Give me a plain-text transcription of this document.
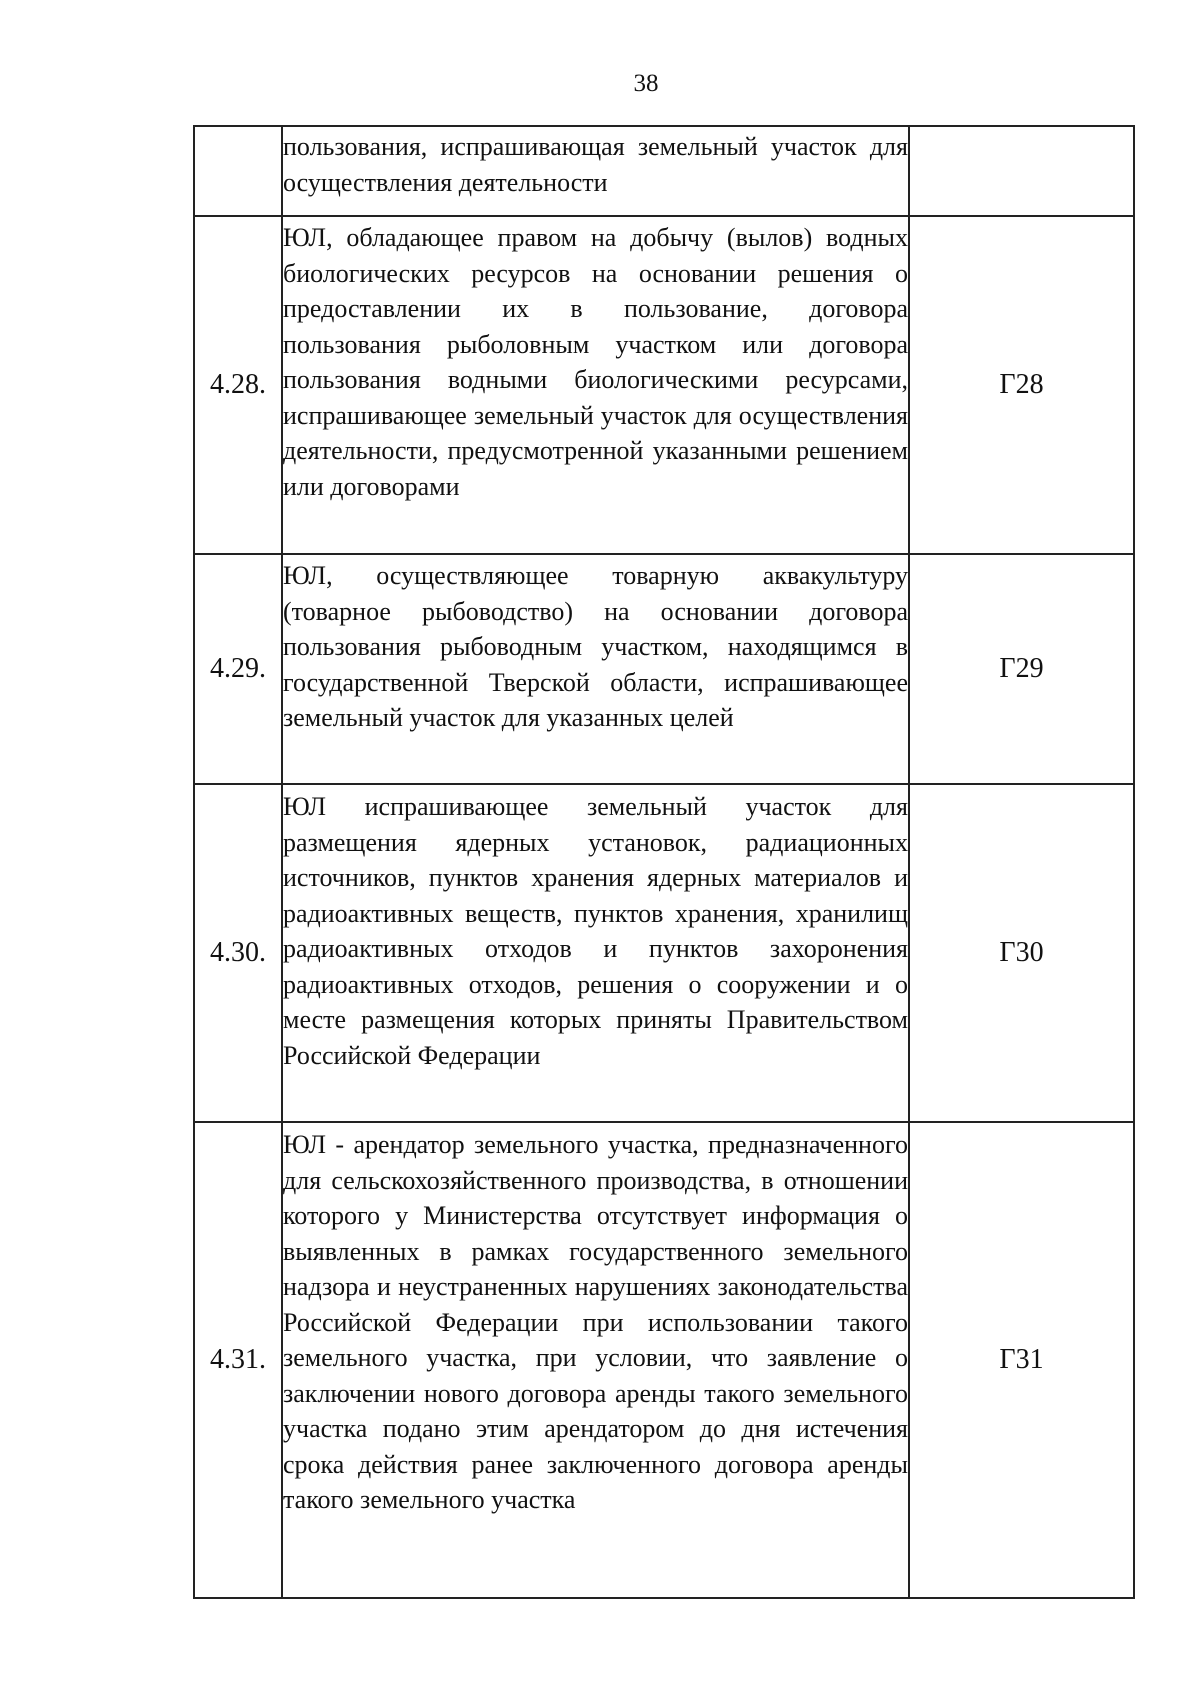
38
	пользования, испрашивающая земельный участок для осуществления деятельности	
4.28.	ЮЛ, обладающее правом на добычу (вылов) водных биологических ресурсов на основании решения о предоставлении их в пользование, договора пользования рыболовным участком или договора пользования водными биологическими ресурсами, испрашивающее земельный участок для осуществления деятельности, предусмотренной указанными решением или договорами	Г28
4.29.	ЮЛ, осуществляющее товарную аквакультуру (товарное рыбоводство) на основании договора пользования рыбоводным участком, находящимся в государственной Тверской области, испрашивающее земельный участок для указанных целей	Г29
4.30.	ЮЛ испрашивающее земельный участок для размещения ядерных установок, радиационных источников, пунктов хранения ядерных материалов и радиоактивных веществ, пунктов хранения, хранилищ радиоактивных отходов и пунктов захоронения радиоактивных отходов, решения о сооружении и о месте размещения которых приняты Правительством Российской Федерации	Г30
4.31.	ЮЛ - арендатор земельного участка, предназначенного для сельскохозяйственного производства, в отношении которого у Министерства отсутствует информация о выявленных в рамках государственного земельного надзора и неустраненных нарушениях законодательства Российской Федерации при использовании такого земельного участка, при условии, что заявление о заключении нового договора аренды такого земельного участка подано этим арендатором до дня истечения срока действия ранее заключенного договора аренды такого земельного участка	Г31
